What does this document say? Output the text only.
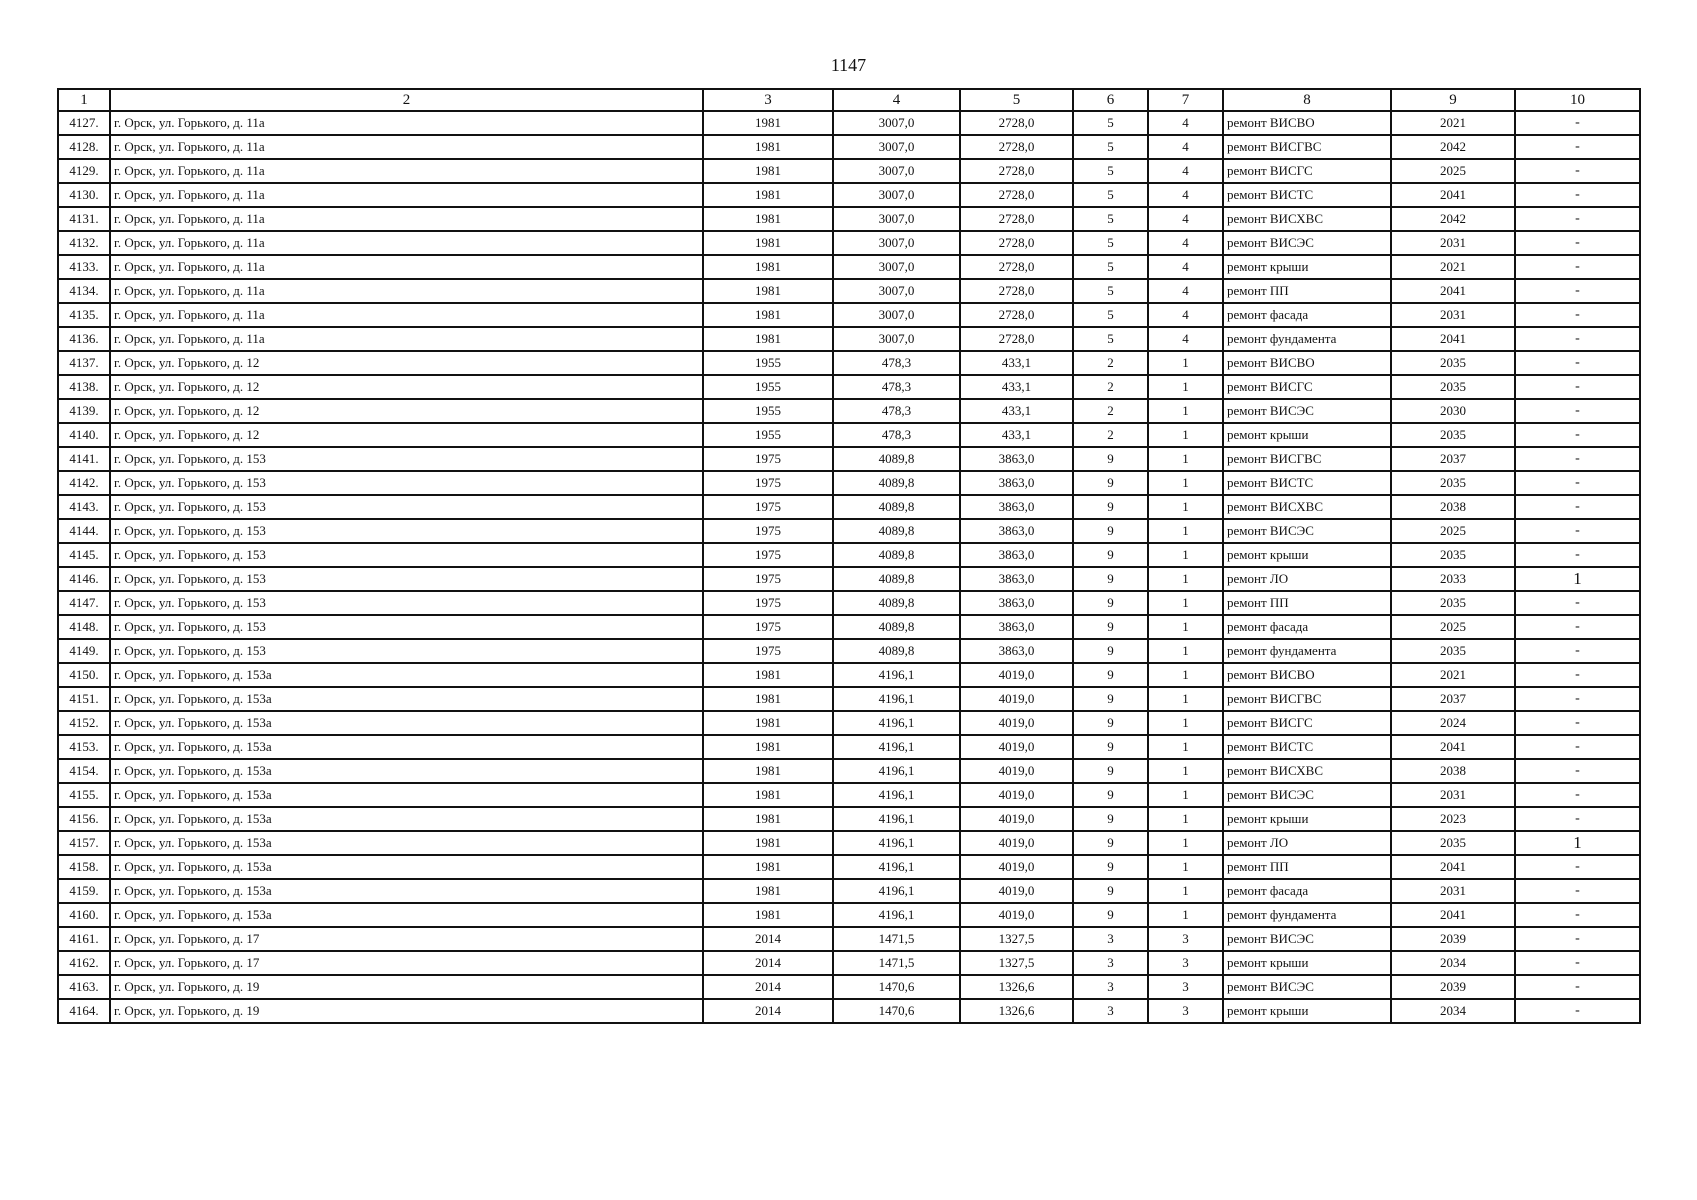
1147
1	2	3	4	5	6	7	8	9	10
4127.	г. Орск, ул. Горького, д. 11а	1981	3007,0	2728,0	5	4	ремонт ВИСВО	2021	-
4128.	г. Орск, ул. Горького, д. 11а	1981	3007,0	2728,0	5	4	ремонт ВИСГВС	2042	-
4129.	г. Орск, ул. Горького, д. 11а	1981	3007,0	2728,0	5	4	ремонт ВИСГС	2025	-
4130.	г. Орск, ул. Горького, д. 11а	1981	3007,0	2728,0	5	4	ремонт ВИСТС	2041	-
4131.	г. Орск, ул. Горького, д. 11а	1981	3007,0	2728,0	5	4	ремонт ВИСХВС	2042	-
4132.	г. Орск, ул. Горького, д. 11а	1981	3007,0	2728,0	5	4	ремонт ВИСЭС	2031	-
4133.	г. Орск, ул. Горького, д. 11а	1981	3007,0	2728,0	5	4	ремонт крыши	2021	-
4134.	г. Орск, ул. Горького, д. 11а	1981	3007,0	2728,0	5	4	ремонт ПП	2041	-
4135.	г. Орск, ул. Горького, д. 11а	1981	3007,0	2728,0	5	4	ремонт фасада	2031	-
4136.	г. Орск, ул. Горького, д. 11а	1981	3007,0	2728,0	5	4	ремонт фундамента	2041	-
4137.	г. Орск, ул. Горького, д. 12	1955	478,3	433,1	2	1	ремонт ВИСВО	2035	-
4138.	г. Орск, ул. Горького, д. 12	1955	478,3	433,1	2	1	ремонт ВИСГС	2035	-
4139.	г. Орск, ул. Горького, д. 12	1955	478,3	433,1	2	1	ремонт ВИСЭС	2030	-
4140.	г. Орск, ул. Горького, д. 12	1955	478,3	433,1	2	1	ремонт крыши	2035	-
4141.	г. Орск, ул. Горького, д. 153	1975	4089,8	3863,0	9	1	ремонт ВИСГВС	2037	-
4142.	г. Орск, ул. Горького, д. 153	1975	4089,8	3863,0	9	1	ремонт ВИСТС	2035	-
4143.	г. Орск, ул. Горького, д. 153	1975	4089,8	3863,0	9	1	ремонт ВИСХВС	2038	-
4144.	г. Орск, ул. Горького, д. 153	1975	4089,8	3863,0	9	1	ремонт ВИСЭС	2025	-
4145.	г. Орск, ул. Горького, д. 153	1975	4089,8	3863,0	9	1	ремонт крыши	2035	-
4146.	г. Орск, ул. Горького, д. 153	1975	4089,8	3863,0	9	1	ремонт ЛО	2033	1
4147.	г. Орск, ул. Горького, д. 153	1975	4089,8	3863,0	9	1	ремонт ПП	2035	-
4148.	г. Орск, ул. Горького, д. 153	1975	4089,8	3863,0	9	1	ремонт фасада	2025	-
4149.	г. Орск, ул. Горького, д. 153	1975	4089,8	3863,0	9	1	ремонт фундамента	2035	-
4150.	г. Орск, ул. Горького, д. 153а	1981	4196,1	4019,0	9	1	ремонт ВИСВО	2021	-
4151.	г. Орск, ул. Горького, д. 153а	1981	4196,1	4019,0	9	1	ремонт ВИСГВС	2037	-
4152.	г. Орск, ул. Горького, д. 153а	1981	4196,1	4019,0	9	1	ремонт ВИСГС	2024	-
4153.	г. Орск, ул. Горького, д. 153а	1981	4196,1	4019,0	9	1	ремонт ВИСТС	2041	-
4154.	г. Орск, ул. Горького, д. 153а	1981	4196,1	4019,0	9	1	ремонт ВИСХВС	2038	-
4155.	г. Орск, ул. Горького, д. 153а	1981	4196,1	4019,0	9	1	ремонт ВИСЭС	2031	-
4156.	г. Орск, ул. Горького, д. 153а	1981	4196,1	4019,0	9	1	ремонт крыши	2023	-
4157.	г. Орск, ул. Горького, д. 153а	1981	4196,1	4019,0	9	1	ремонт ЛО	2035	1
4158.	г. Орск, ул. Горького, д. 153а	1981	4196,1	4019,0	9	1	ремонт ПП	2041	-
4159.	г. Орск, ул. Горького, д. 153а	1981	4196,1	4019,0	9	1	ремонт фасада	2031	-
4160.	г. Орск, ул. Горького, д. 153а	1981	4196,1	4019,0	9	1	ремонт фундамента	2041	-
4161.	г. Орск, ул. Горького, д. 17	2014	1471,5	1327,5	3	3	ремонт ВИСЭС	2039	-
4162.	г. Орск, ул. Горького, д. 17	2014	1471,5	1327,5	3	3	ремонт крыши	2034	-
4163.	г. Орск, ул. Горького, д. 19	2014	1470,6	1326,6	3	3	ремонт ВИСЭС	2039	-
4164.	г. Орск, ул. Горького, д. 19	2014	1470,6	1326,6	3	3	ремонт крыши	2034	-
